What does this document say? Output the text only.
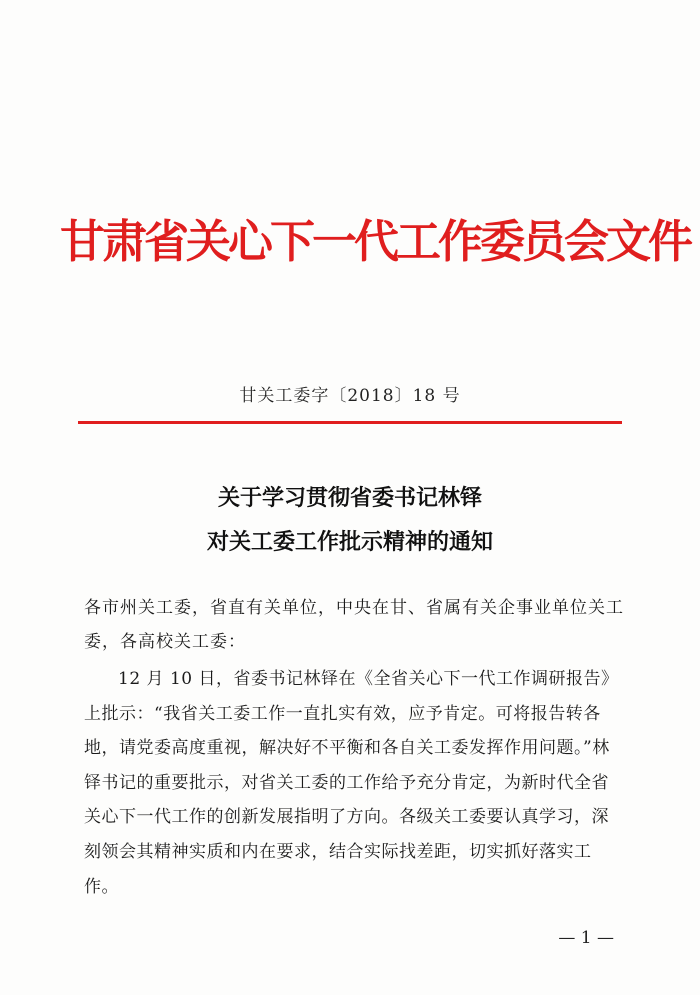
甘肃省关心下一代工作委员会文件
甘关工委字〔2018〕18 号
关于学习贯彻省委书记林铎
对关工委工作批示精神的通知
各市州关工委，省直有关单位，中央在甘、省属有关企事业单位关工委，各高校关工委：
12 月 10 日，省委书记林铎在《全省关心下一代工作调研报告》上批示：“我省关工委工作一直扎实有效，应予肯定。可将报告转各地，请党委高度重视，解决好不平衡和各自关工委发挥作用问题。”林铎书记的重要批示，对省关工委的工作给予充分肯定，为新时代全省关心下一代工作的创新发展指明了方向。各级关工委要认真学习，深刻领会其精神实质和内在要求，结合实际找差距，切实抓好落实工作。
— 1 —
